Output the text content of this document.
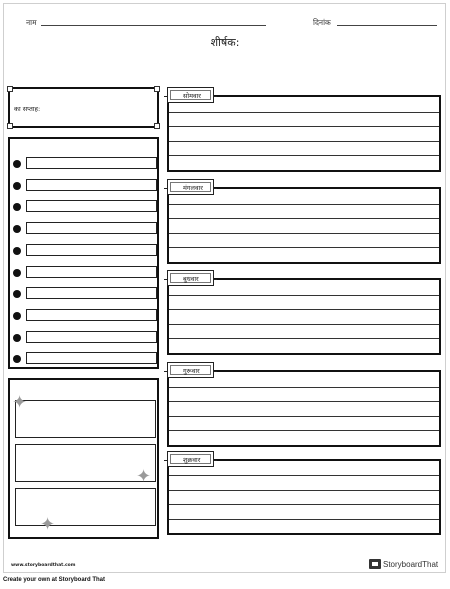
नाम	दिनांक
शीर्षक:
का सप्ताह:
✦
✦
✦
सोमवार
मंगलवार
बुधवार
गुरूवार
शुक्रवार
www.storyboardthat.com	StoryboardThat
Create your own at Storyboard That
